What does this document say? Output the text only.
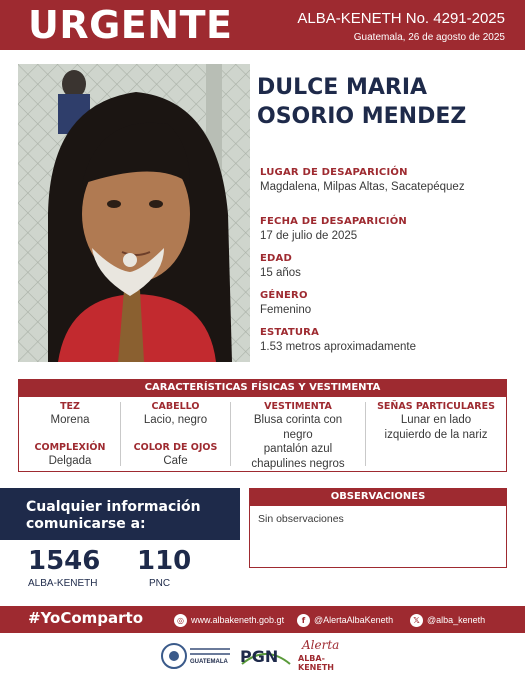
URGENTE	ALBA-KENETH No. 4291-2025
Guatemala, 26 de agosto de 2025
DULCE MARIA
OSORIO MENDEZ
LUGAR DE DESAPARICIÓN
Magdalena, Milpas Altas, Sacatepéquez
FECHA DE DESAPARICIÓN
17 de julio de 2025
EDAD
15 años
GÉNERO
Femenino
ESTATURA
1.53 metros aproximadamente
CARACTERÍSTICAS FÍSICAS Y VESTIMENTA
TEZ
Morena
COMPLEXIÓN
Delgada
CABELLO
Lacio, negro
COLOR DE OJOS
Cafe
VESTIMENTA
Blusa corinta con
negro
pantalón azul
chapulines negros
SEÑAS PARTICULARES
Lunar en lado
izquierdo de la nariz
Cualquier información
comunicarse a:
1546
ALBA-KENETH
110
PNC
OBSERVACIONES
Sin observaciones
#YoComparto	◎ www.albakeneth.gob.gt	f @AlertaAlbaKeneth	𝕏 @alba_keneth
GUATEMALA PGN
Alerta
ALBA-KENETH
